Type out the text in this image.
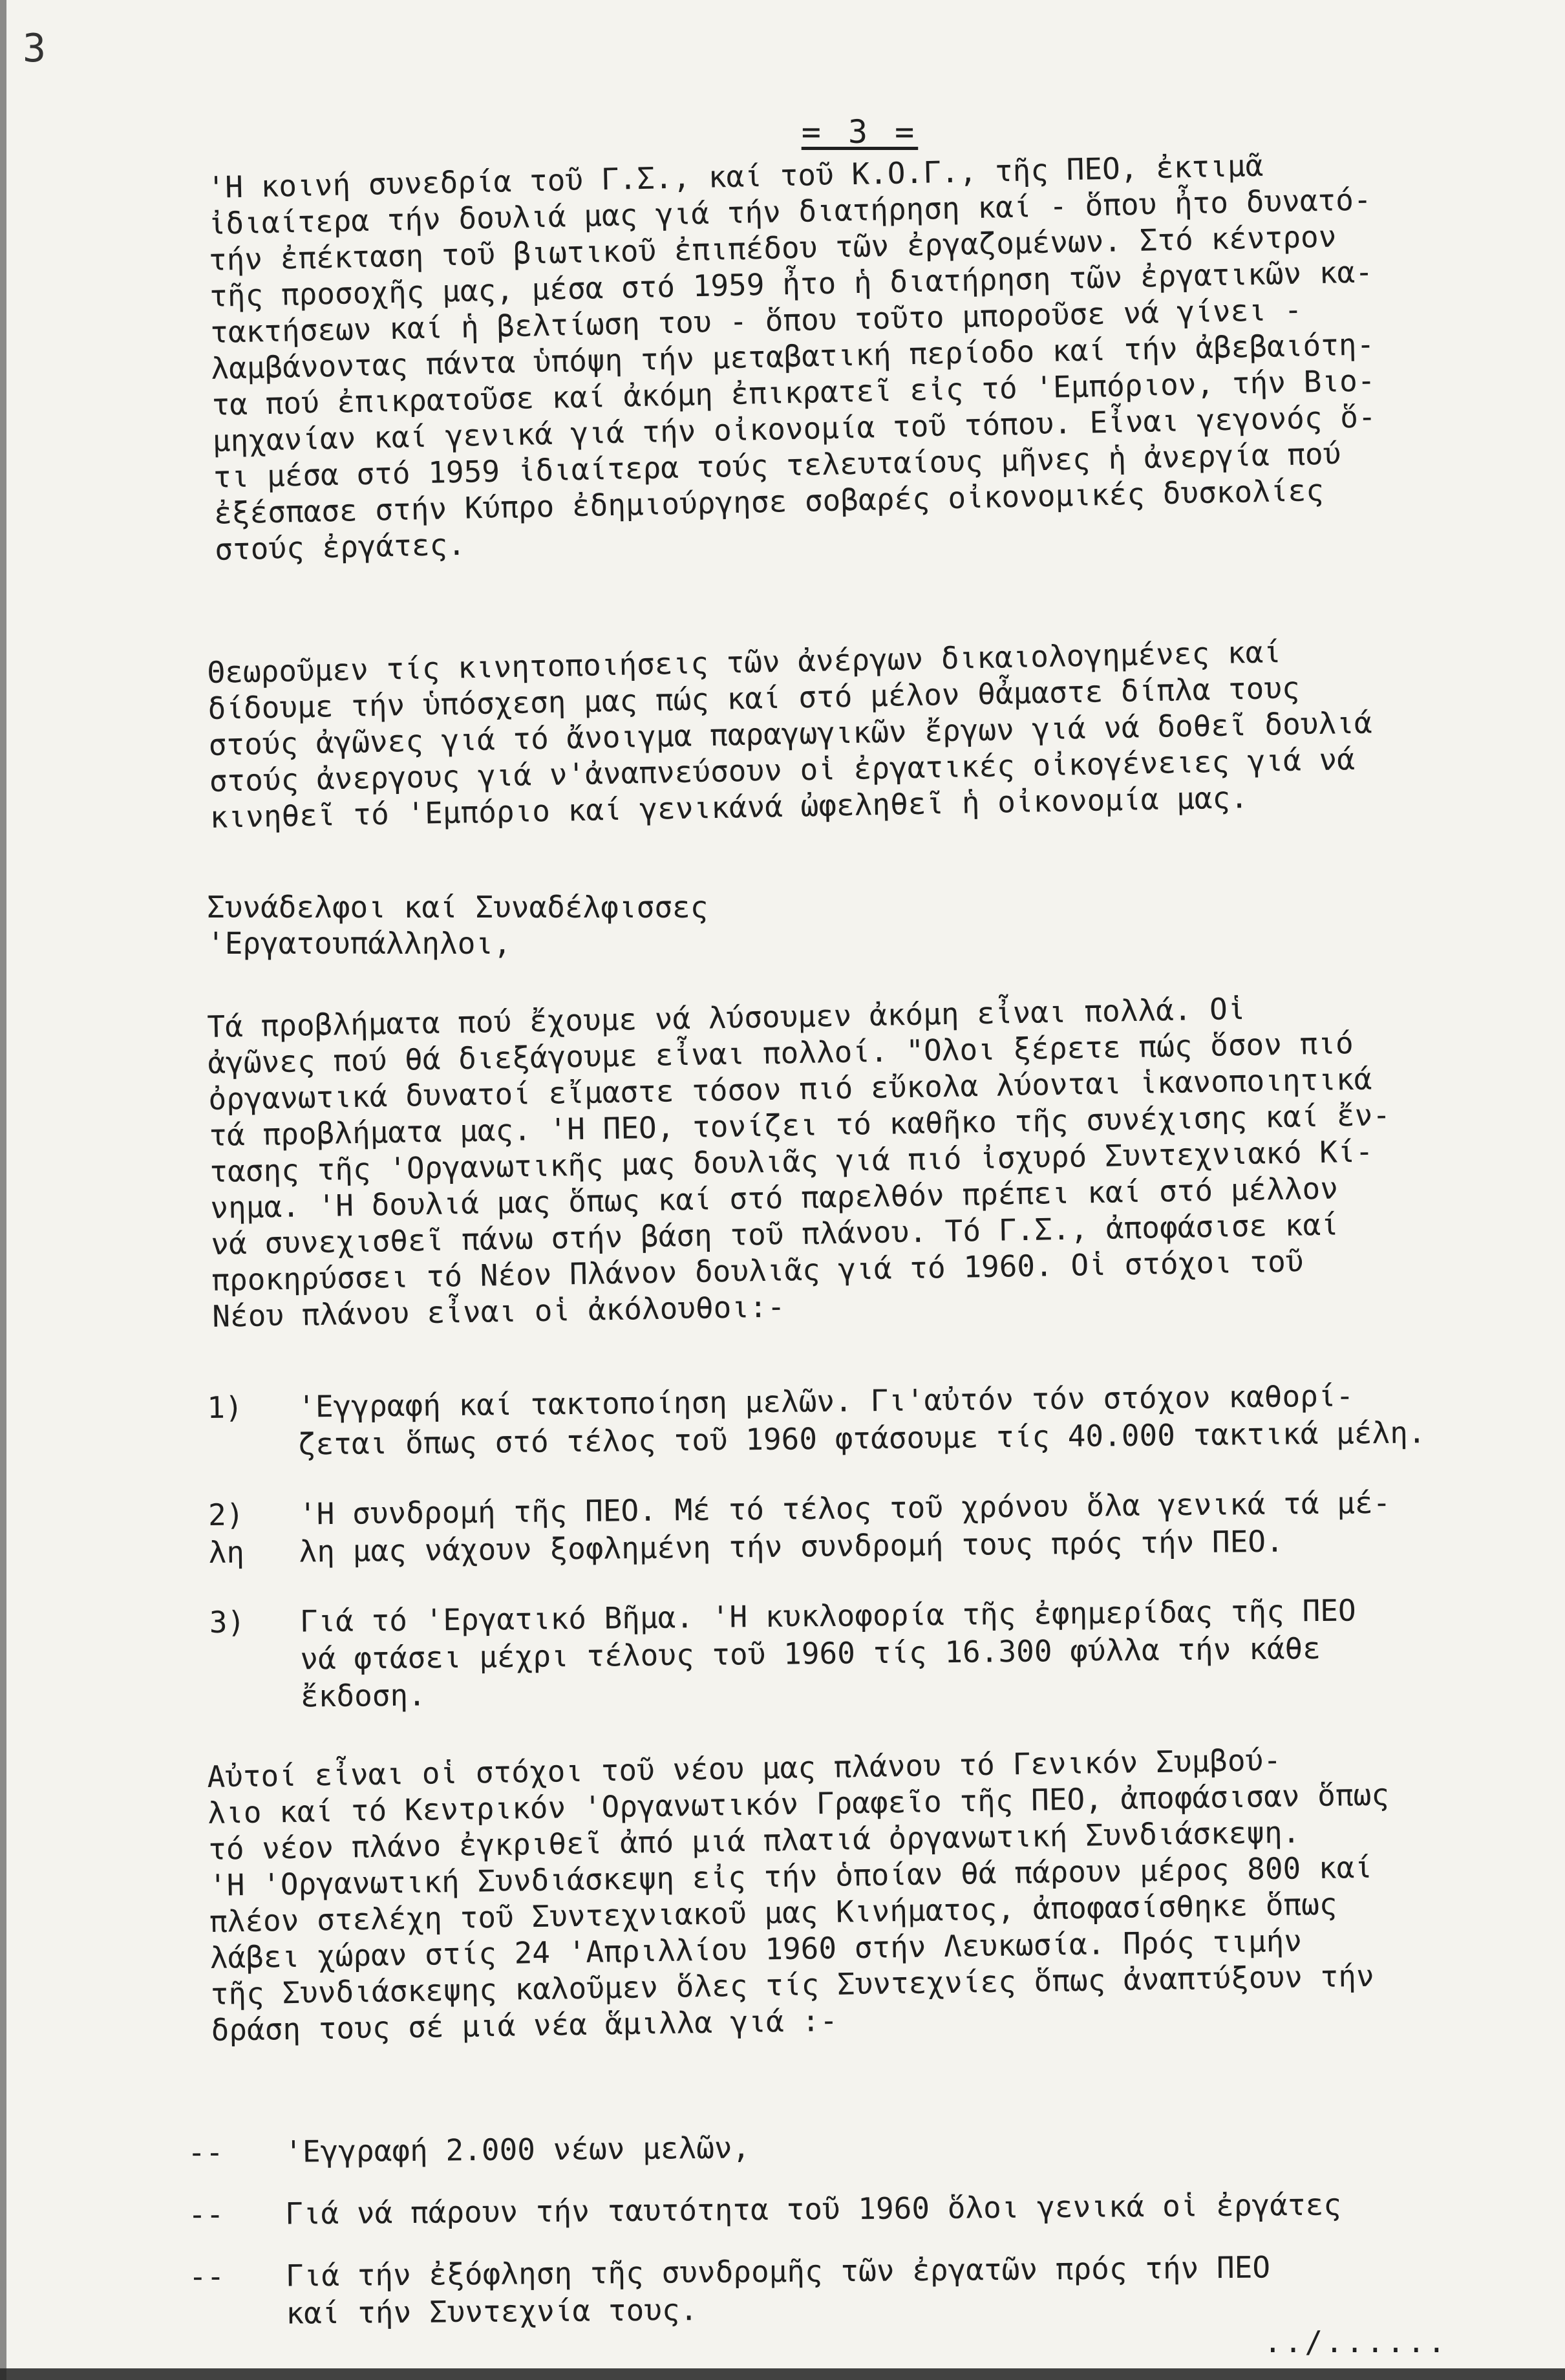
3
= 3 =
'Η κοινή συνεδρία τοῦ Γ.Σ., καί τοῦ Κ.Ο.Γ., τῆς ΠΕΟ, ἐκτιμᾶ
ἰδιαίτερα τήν δουλιά μας γιά τήν διατήρηση καί - ὅπου ἦτο δυνατό-
τήν ἐπέκταση τοῦ βιωτικοῦ ἐπιπέδου τῶν ἐργαζομένων. Στό κέντρον
τῆς προσοχῆς μας, μέσα στό 1959 ἦτο ἡ διατήρηση τῶν ἐργατικῶν κα-
τακτήσεων καί ἡ βελτίωση του - ὅπου τοῦτο μποροῦσε νά γίνει -
λαμβάνοντας πάντα ὑπόψη τήν μεταβατική περίοδο καί τήν ἀβεβαιότη-
τα πού ἐπικρατοῦσε καί ἀκόμη ἐπικρατεῖ εἰς τό 'Εμπόριον, τήν Βιο-
μηχανίαν καί γενικά γιά τήν οἰκονομία τοῦ τόπου. Εἶναι γεγονός ὅ-
τι μέσα στό 1959 ἰδιαίτερα τούς τελευταίους μῆνες ἡ ἀνεργία πού
ἐξέσπασε στήν Κύπρο ἐδημιούργησε σοβαρές οἰκονομικές δυσκολίες
στούς ἐργάτες.
Θεωροῦμεν τίς κινητοποιήσεις τῶν ἀνέργων δικαιολογημένες καί
δίδουμε τήν ὑπόσχεση μας πώς καί στό μέλον θἆμαστε δίπλα τους
στούς ἀγῶνες γιά τό ἄνοιγμα παραγωγικῶν ἔργων γιά νά δοθεῖ δουλιά
στούς ἀνεργους γιά ν'ἀναπνεύσουν οἱ ἐργατικές οἰκογένειες γιά νά
κινηθεῖ τό 'Εμπόριο καί γενικάνά ὠφεληθεῖ ἡ οἰκονομία μας.
Συνάδελφοι καί Συναδέλφισσες
'Εργατουπάλληλοι,
Τά προβλήματα πού ἔχουμε νά λύσουμεν ἀκόμη εἶναι πολλά. Οἱ
ἀγῶνες πού θά διεξάγουμε εἶναι πολλοί. "Ολοι ξέρετε πώς ὅσον πιό
ὀργανωτικά δυνατοί εἴμαστε τόσον πιό εὔκολα λύονται ἱκανοποιητικά
τά προβλήματα μας. 'Η ΠΕΟ, τονίζει τό καθῆκο τῆς συνέχισης καί ἔν-
τασης τῆς 'Οργανωτικῆς μας δουλιᾶς γιά πιό ἰσχυρό Συντεχνιακό Κί-
νημα. 'Η δουλιά μας ὅπως καί στό παρελθόν πρέπει καί στό μέλλον
νά συνεχισθεῖ πάνω στήν βάση τοῦ πλάνου. Τό Γ.Σ., ἀποφάσισε καί
προκηρύσσει τό Νέον Πλάνον δουλιᾶς γιά τό 1960. Οἱ στόχοι τοῦ
Νέου πλάνου εἶναι οἱ ἀκόλουθοι:-
1)	'Εγγραφή καί τακτοποίηση μελῶν. Γι'αὐτόν τόν στόχον καθορί-
ζεται ὅπως στό τέλος τοῦ 1960 φτάσουμε τίς 40.000 τακτικά μέλη.
2)
λη
'Η συνδρομή τῆς ΠΕΟ. Μέ τό τέλος τοῦ χρόνου ὅλα γενικά τά μέ-
λη μας νάχουν ξοφλημένη τήν συνδρομή τους πρός τήν ΠΕΟ.
3)	Γιά τό 'Εργατικό Βῆμα. 'Η κυκλοφορία τῆς ἐφημερίδας τῆς ΠΕΟ
νά φτάσει μέχρι τέλους τοῦ 1960 τίς 16.300 φύλλα τήν κάθε
ἔκδοση.
Αὐτοί εἶναι οἱ στόχοι τοῦ νέου μας πλάνου τό Γενικόν Συμβού-
λιο καί τό Κεντρικόν 'Οργανωτικόν Γραφεῖο τῆς ΠΕΟ, ἀποφάσισαν ὅπως
τό νέον πλάνο ἐγκριθεῖ ἀπό μιά πλατιά ὀργανωτική Συνδιάσκεψη.
'Η 'Οργανωτική Συνδιάσκεψη εἰς τήν ὁποίαν θά πάρουν μέρος 800 καί
πλέον στελέχη τοῦ Συντεχνιακοῦ μας Κινήματος, ἀποφασίσθηκε ὅπως
λάβει χώραν στίς 24 'Απριλλίου 1960 στήν Λευκωσία. Πρός τιμήν
τῆς Συνδιάσκεψης καλοῦμεν ὅλες τίς Συντεχνίες ὅπως ἀναπτύξουν τήν
δράση τους σέ μιά νέα ἅμιλλα γιά :-
--	'Εγγραφή 2.000 νέων μελῶν,
--	Γιά νά πάρουν τήν ταυτότητα τοῦ 1960 ὅλοι γενικά οἱ ἐργάτες
--	Γιά τήν ἐξόφληση τῆς συνδρομῆς τῶν ἐργατῶν πρός τήν ΠΕΟ
καί τήν Συντεχνία τους.
../......
